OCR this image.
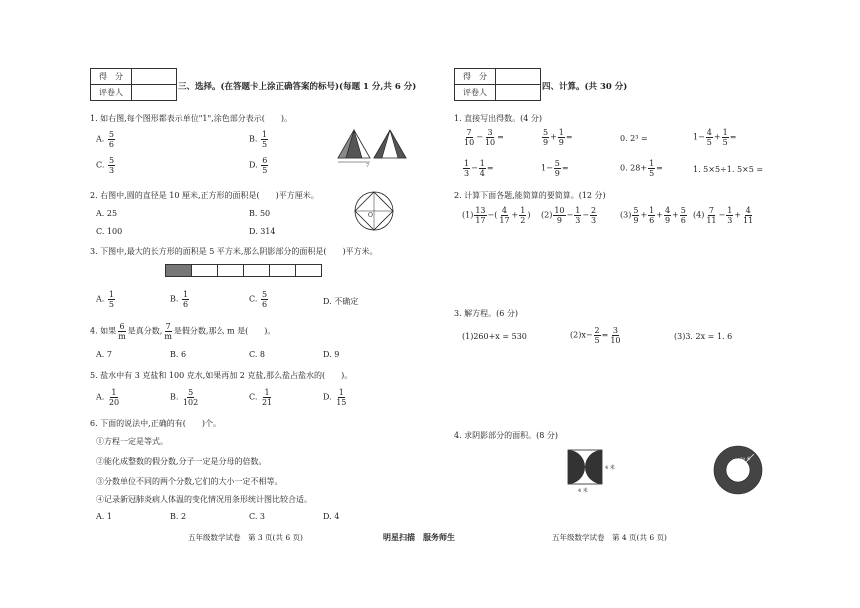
得　分	
评卷人	
三、选择。(在答题卡上涂正确答案的标号)(每题 1 分,共 6 分)
1. 如右图,每个图形都表示单位"1",涂色部分表示(　　)。
A. $\frac{5}{6}$	B. $\frac{1}{5}$
C. $\frac{5}{3}$	D. $\frac{6}{5}$	7
2. 右图中,圆的直径是 10 厘米,正方形的面积是(　　)平方厘米。
A. 25	B. 50
C. 100	D. 314
O
3. 下图中,最大的长方形的面积是 5 平方米,那么阴影部分的面积是(　　)平方米。
A. $\frac{1}{5}$	B. $\frac{1}{6}$	C. $\frac{5}{6}$	D. 不确定
4. 如果 $\frac{6}{m}$ 是真分数, $\frac{7}{m}$ 是假分数,那么 m 是(　　)。
A. 7	B. 6	C. 8	D. 9
5. 盐水中有 3 克盐和 100 克水,如果再加 2 克盐,那么盐占盐水的(　　)。
A. $\frac{1}{20}$	B. $\frac{5}{102}$	C. $\frac{1}{21}$	D. $\frac{1}{15}$
6. 下面的说法中,正确的有(　　)个。
①方程一定是等式。
②能化成整数的假分数,分子一定是分母的倍数。
③分数单位不同的两个分数,它们的大小一定不相等。
④记录新冠肺炎病人体温的变化情况用条形统计图比较合适。
A. 1	B. 2	C. 3	D. 4
五年级数学试卷　第 3 页(共 6 页)	明星扫描　服务师生
得　分	
评卷人	
四、计算。(共 30 分)
1. 直接写出得数。(4 分)
$\frac{7}{10} - \frac{3}{10}$ =	$\frac{5}{9} + \frac{1}{9}$ =	0. 2³ =	$1- \frac{4}{5} + \frac{1}{5}$ =
$\frac{1}{3} - \frac{1}{4}$ =	$1- \frac{5}{9}$ =	0. $28+ \frac{1}{5}$ =	1. 5×5÷1. 5×5 =
2. 计算下面各题,能简算的要简算。(12 分)
$(1) \frac{13}{17}$ −( $\frac{4}{17} + \frac{1}{2}$ ) $(2) \frac{10}{9} - \frac{1}{3} - \frac{2}{3}$	$(3) \frac{5}{9} + \frac{1}{6} + \frac{4}{9} + \frac{5}{6} (4) \frac{7}{11} - \frac{1}{3} + \frac{4}{11}$
3. 解方程。(6 分)
(1)260+x = 530	$(2)x- \frac{2}{5} = \frac{3}{10}$	(3)3. 2x = 1. 6
4. 求阴影部分的面积。(8 分)
4 米
4 米
10 米
五年级数学试卷　第 4 页(共 6 页)
